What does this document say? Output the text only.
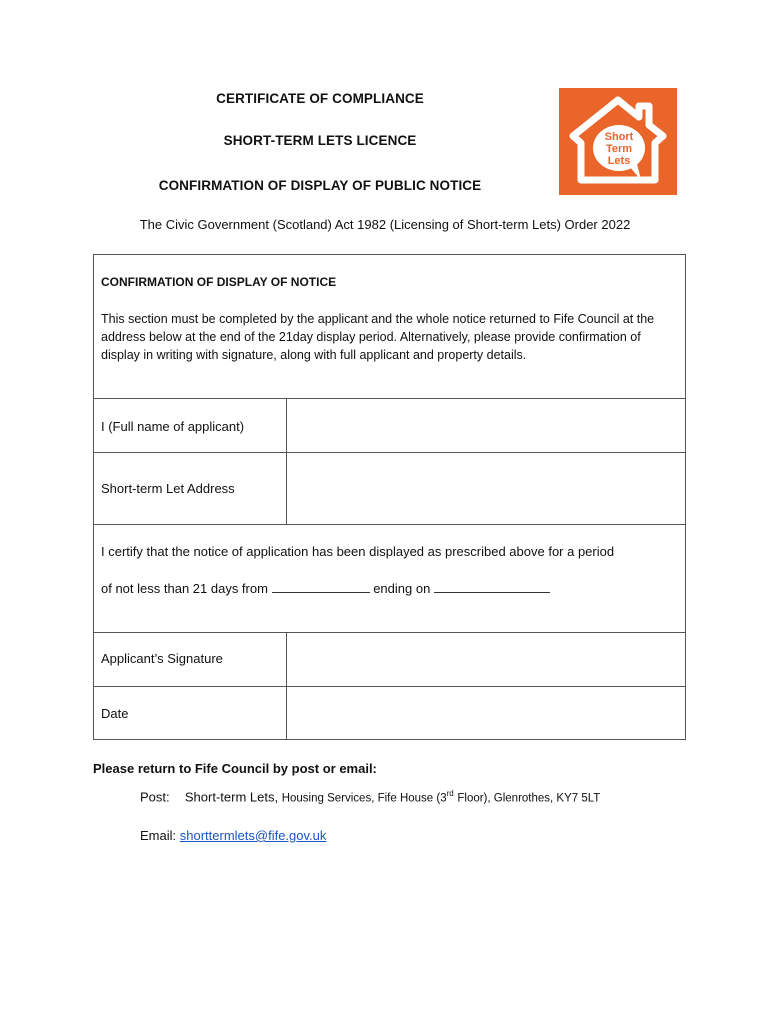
CERTIFICATE OF COMPLIANCE
SHORT-TERM LETS LICENCE
CONFIRMATION OF DISPLAY OF PUBLIC NOTICE
Short
Term
Lets
The Civic Government (Scotland) Act 1982 (Licensing of Short-term Lets) Order 2022
CONFIRMATION OF DISPLAY OF NOTICE
This section must be completed by the applicant and the whole notice returned to Fife Council at the address below at the end of the 21day display period. Alternatively, please provide confirmation of display in writing with signature, along with full applicant and property details.
I (Full name of applicant)
Short-term Let Address
I certify that the notice of application has been displayed as prescribed above for a period
of not less than 21 days from	ending on
Applicant’s Signature
Date
Please return to Fife Council by post or email:
Post: Short-term Lets, Housing Services, Fife House (3rd Floor), Glenrothes, KY7 5LT
Email: shorttermlets@fife.gov.uk
